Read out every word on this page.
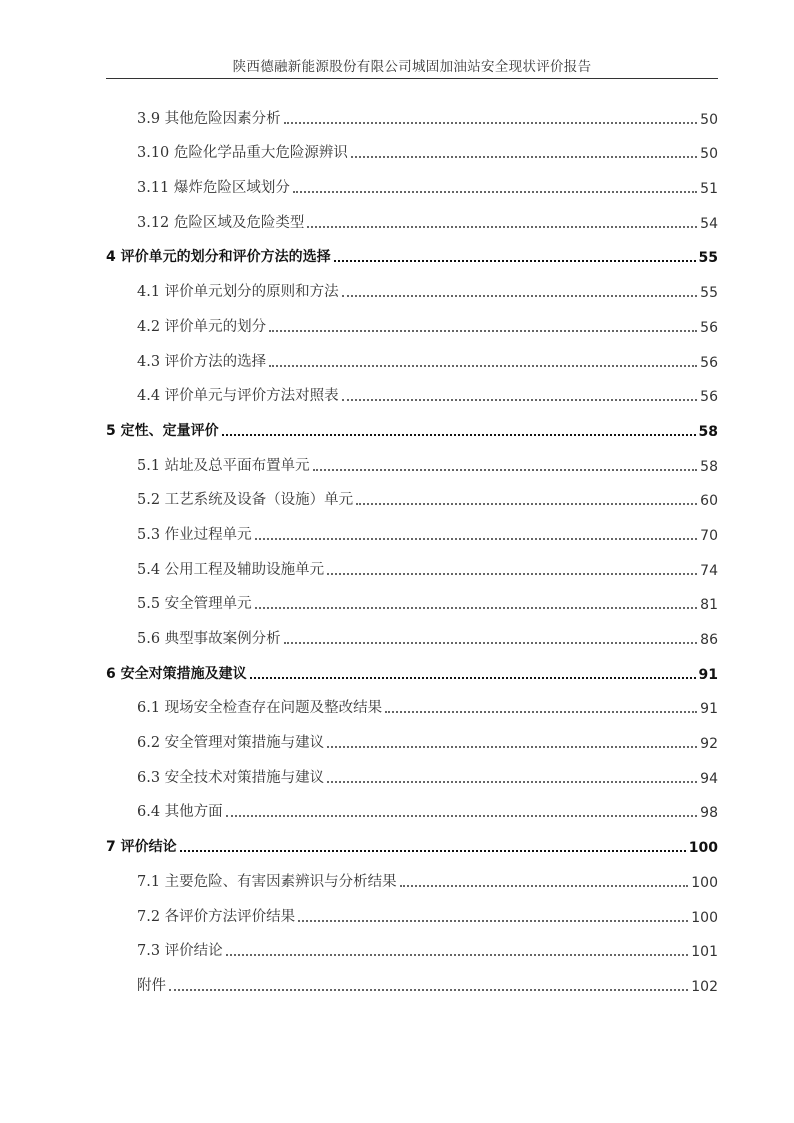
陕西德融新能源股份有限公司城固加油站安全现状评价报告
3.9 其他危险因素分析	50
3.10 危险化学品重大危险源辨识	50
3.11 爆炸危险区域划分	51
3.12 危险区域及危险类型	54
4 评价单元的划分和评价方法的选择	55
4.1 评价单元划分的原则和方法	55
4.2 评价单元的划分	56
4.3 评价方法的选择	56
4.4 评价单元与评价方法对照表	56
5 定性、定量评价	58
5.1 站址及总平面布置单元	58
5.2 工艺系统及设备（设施）单元	60
5.3 作业过程单元	70
5.4 公用工程及辅助设施单元	74
5.5 安全管理单元	81
5.6 典型事故案例分析	86
6 安全对策措施及建议	91
6.1 现场安全检查存在问题及整改结果	91
6.2 安全管理对策措施与建议	92
6.3 安全技术对策措施与建议	94
6.4 其他方面	98
7 评价结论	100
7.1 主要危险、有害因素辨识与分析结果	100
7.2 各评价方法评价结果	100
7.3 评价结论	101
附件	102
